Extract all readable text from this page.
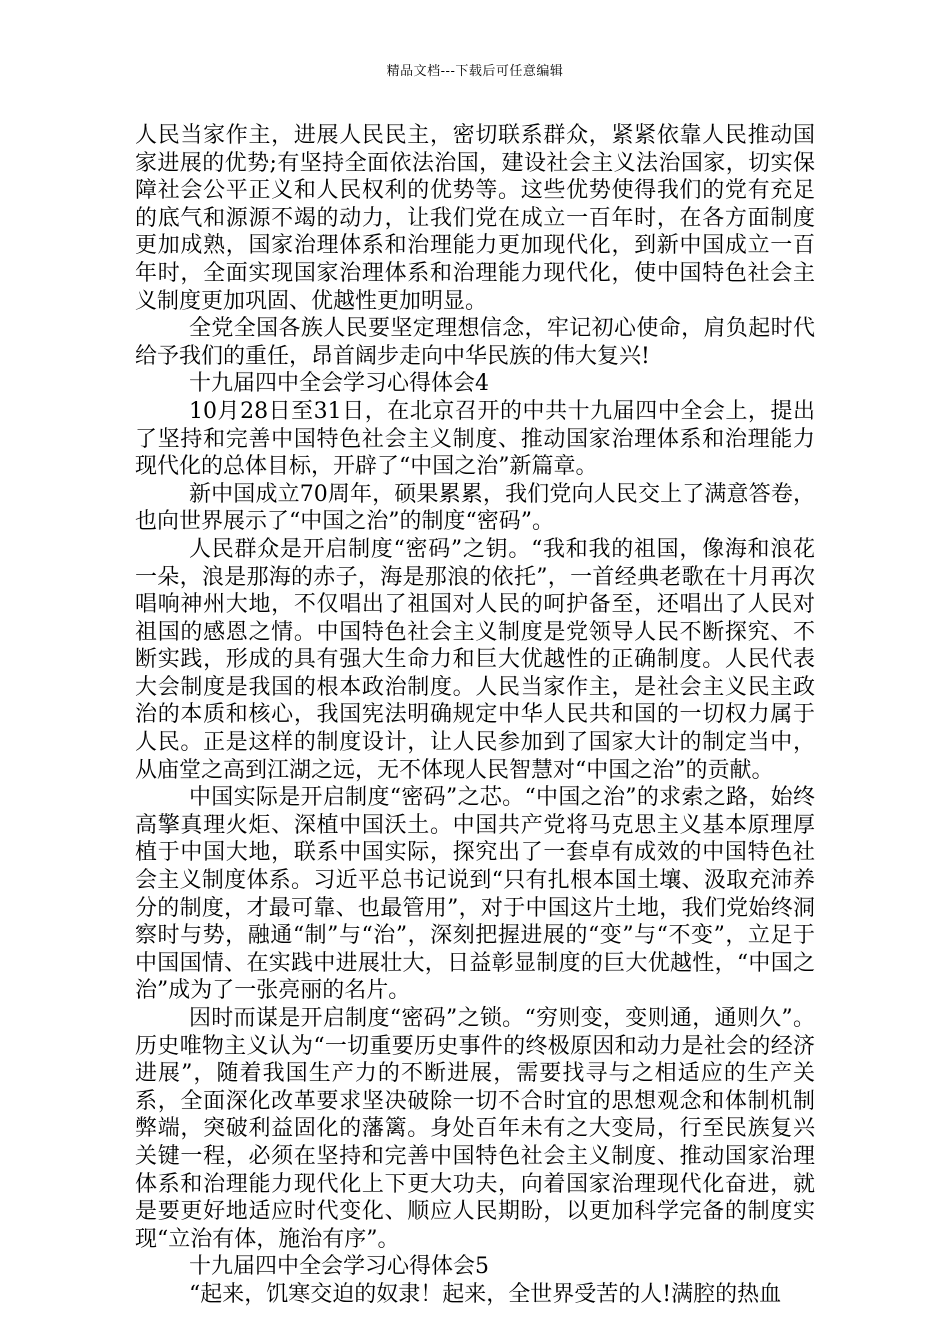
精品文档---下载后可任意编辑

人民当家作主，进展人民民主，密切联系群众，紧紧依靠人民推动国家进展的优势;有坚持全面依法治国，建设社会主义法治国家，切实保障社会公平正义和人民权利的优势等。这些优势使得我们的党有充足的底气和源源不竭的动力，让我们党在成立一百年时，在各方面制度更加成熟，国家治理体系和治理能力更加现代化，到新中国成立一百年时，全面实现国家治理体系和治理能力现代化，使中国特色社会主义制度更加巩固、优越性更加明显。

全党全国各族人民要坚定理想信念，牢记初心使命，肩负起时代给予我们的重任，昂首阔步走向中华民族的伟大复兴!

十九届四中全会学习心得体会4

10月28日至31日，在北京召开的中共十九届四中全会上，提出了坚持和完善中国特色社会主义制度、推动国家治理体系和治理能力现代化的总体目标，开辟了“中国之治”新篇章。

新中国成立70周年，硕果累累，我们党向人民交上了满意答卷，也向世界展示了“中国之治”的制度“密码”。

人民群众是开启制度“密码”之钥。“我和我的祖国，像海和浪花一朵，浪是那海的赤子，海是那浪的依托”，一首经典老歌在十月再次唱响神州大地，不仅唱出了祖国对人民的呵护备至，还唱出了人民对祖国的感恩之情。中国特色社会主义制度是党领导人民不断探究、不断实践，形成的具有强大生命力和巨大优越性的正确制度。人民代表大会制度是我国的根本政治制度。人民当家作主，是社会主义民主政治的本质和核心，我国宪法明确规定中华人民共和国的一切权力属于人民。正是这样的制度设计，让人民参加到了国家大计的制定当中，从庙堂之高到江湖之远，无不体现人民智慧对“中国之治”的贡献。

中国实际是开启制度“密码”之芯。“中国之治”的求索之路，始终高擎真理火炬、深植中国沃土。中国共产党将马克思主义基本原理厚植于中国大地，联系中国实际，探究出了一套卓有成效的中国特色社会主义制度体系。习近平总书记说到“只有扎根本国土壤、汲取充沛养分的制度，才最可靠、也最管用”，对于中国这片土地，我们党始终洞察时与势，融通“制”与“治”，深刻把握进展的“变”与“不变”，立足于中国国情、在实践中进展壮大，日益彰显制度的巨大优越性，“中国之治”成为了一张亮丽的名片。

因时而谋是开启制度“密码”之锁。“穷则变，变则通，通则久”。历史唯物主义认为“一切重要历史事件的终极原因和动力是社会的经济进展”，随着我国生产力的不断进展，需要找寻与之相适应的生产关系，全面深化改革要求坚决破除一切不合时宜的思想观念和体制机制弊端，突破利益固化的藩篱。身处百年未有之大变局，行至民族复兴关键一程，必须在坚持和完善中国特色社会主义制度、推动国家治理体系和治理能力现代化上下更大功夫，向着国家治理现代化奋进，就是要更好地适应时代变化、顺应人民期盼，以更加科学完备的制度实现“立治有体，施治有序”。

十九届四中全会学习心得体会5

“起来，饥寒交迫的奴隶！起来，全世界受苦的人!满腔的热血
